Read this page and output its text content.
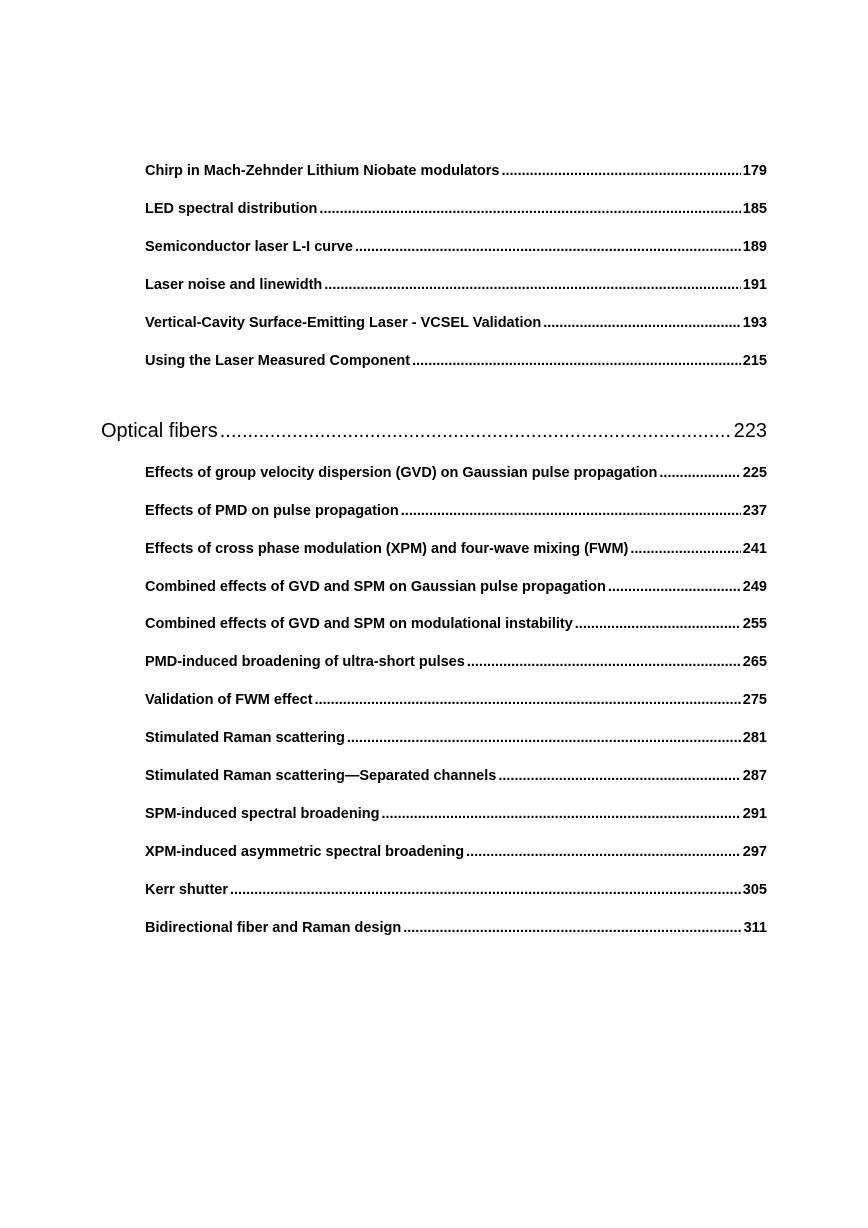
Chirp in Mach-Zehnder Lithium Niobate modulators .....	179
LED spectral distribution .....	185
Semiconductor laser L-I curve .....	189
Laser noise and linewidth .....	191
Vertical-Cavity Surface-Emitting Laser - VCSEL Validation .....	193
Using the Laser Measured Component .....	215
Optical fibers .....	223
Effects of group velocity dispersion (GVD) on Gaussian pulse propagation .....	225
Effects of PMD on pulse propagation .....	237
Effects of cross phase modulation (XPM) and four-wave mixing (FWM) .....	241
Combined effects of GVD and SPM on Gaussian pulse propagation .....	249
Combined effects of GVD and SPM on modulational instability .....	255
PMD-induced broadening of ultra-short pulses .....	265
Validation of FWM effect .....	275
Stimulated Raman scattering .....	281
Stimulated Raman scattering—Separated channels .....	287
SPM-induced spectral broadening .....	291
XPM-induced asymmetric spectral broadening .....	297
Kerr shutter .....	305
Bidirectional fiber and Raman design .....	311
